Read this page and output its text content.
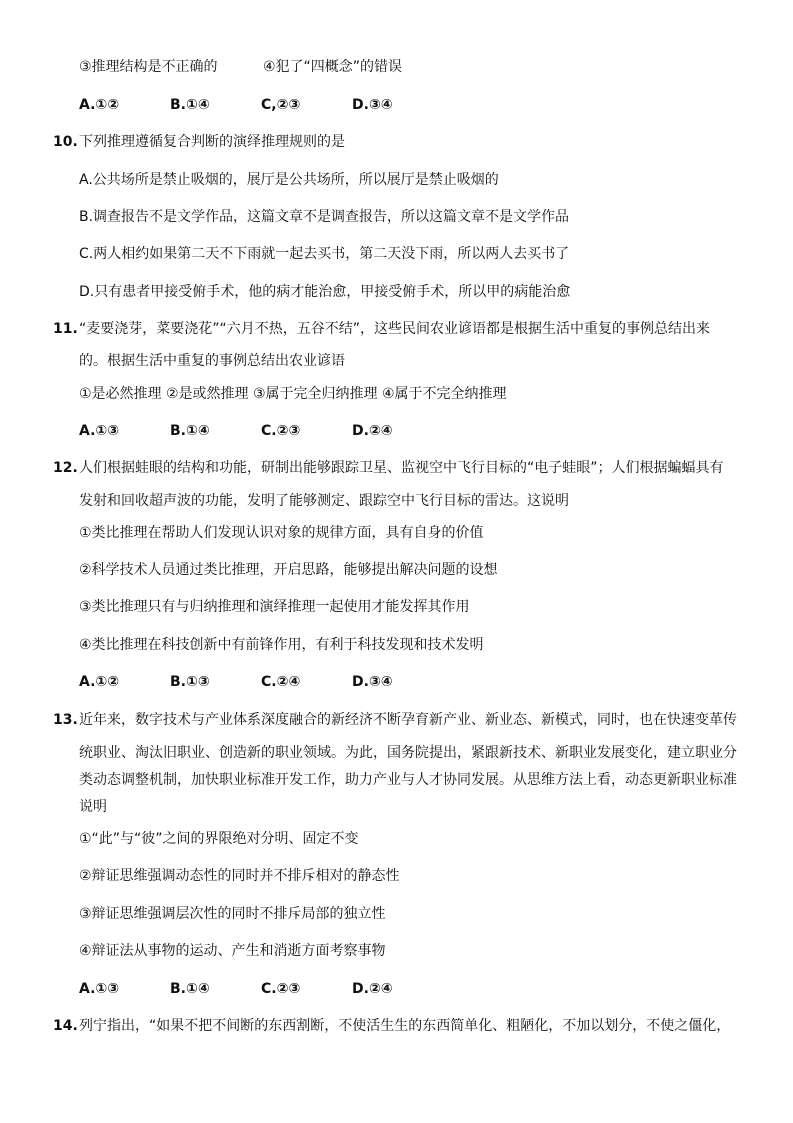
③推理结构是不正确的	④犯了“四概念”的错误
A.①②	B.①④	C,②③	D.③④
10. 下列推理遵循复合判断的演绎推理规则的是
A.公共场所是禁止吸烟的，展厅是公共场所，所以展厅是禁止吸烟的
B.调查报告不是文学作品，这篇文章不是调查报告，所以这篇文章不是文学作品
C.两人相约如果第二天不下雨就一起去买书，第二天没下雨，所以两人去买书了
D.只有患者甲接受俯手术，他的病才能治愈，甲接受俯手术，所以甲的病能治愈
11. “麦要浇芽，菜要浇花”“六月不热，五谷不结”，这些民间农业谚语都是根据生活中重复的事例总结出来
的。根据生活中重复的事例总结出农业谚语
①是必然推理 ②是或然推理 ③属于完全归纳推理 ④属于不完全纳推理
A.①③	B.①④	C.②③	D.②④
12. 人们根据蛙眼的结构和功能，研制出能够跟踪卫星、监视空中飞行目标的“电子蛙眼”；人们根据蝙蝠具有
发射和回收超声波的功能，发明了能够测定、跟踪空中飞行目标的雷达。这说明
①类比推理在帮助人们发现认识对象的规律方面，具有自身的价值
②科学技术人员通过类比推理，开启思路，能够提出解决问题的设想
③类比推理只有与归纳推理和演绎推理一起使用才能发挥其作用
④类比推理在科技创新中有前锋作用，有利于科技发现和技术发明
A.①②	B.①③	C.②④	D.③④
13. 近年来，数字技术与产业体系深度融合的新经济不断孕育新产业、新业态、新模式，同时，也在快速变革传
统职业、淘汰旧职业、创造新的职业领域。为此，国务院提出，紧跟新技术、新职业发展变化，建立职业分
类动态调整机制，加快职业标准开发工作，助力产业与人才协同发展。从思维方法上看，动态更新职业标准
说明
①“此”与“彼”之间的界限绝对分明、固定不变
②辩证思维强调动态性的同时并不排斥相对的静态性
③辩证思维强调层次性的同时不排斥局部的独立性
④辩证法从事物的运动、产生和消逝方面考察事物
A.①③	B.①④	C.②③	D.②④
14. 列宁指出，“如果不把不间断的东西割断，不使活生生的东西简单化、粗陋化，不加以划分，不使之僵化，
